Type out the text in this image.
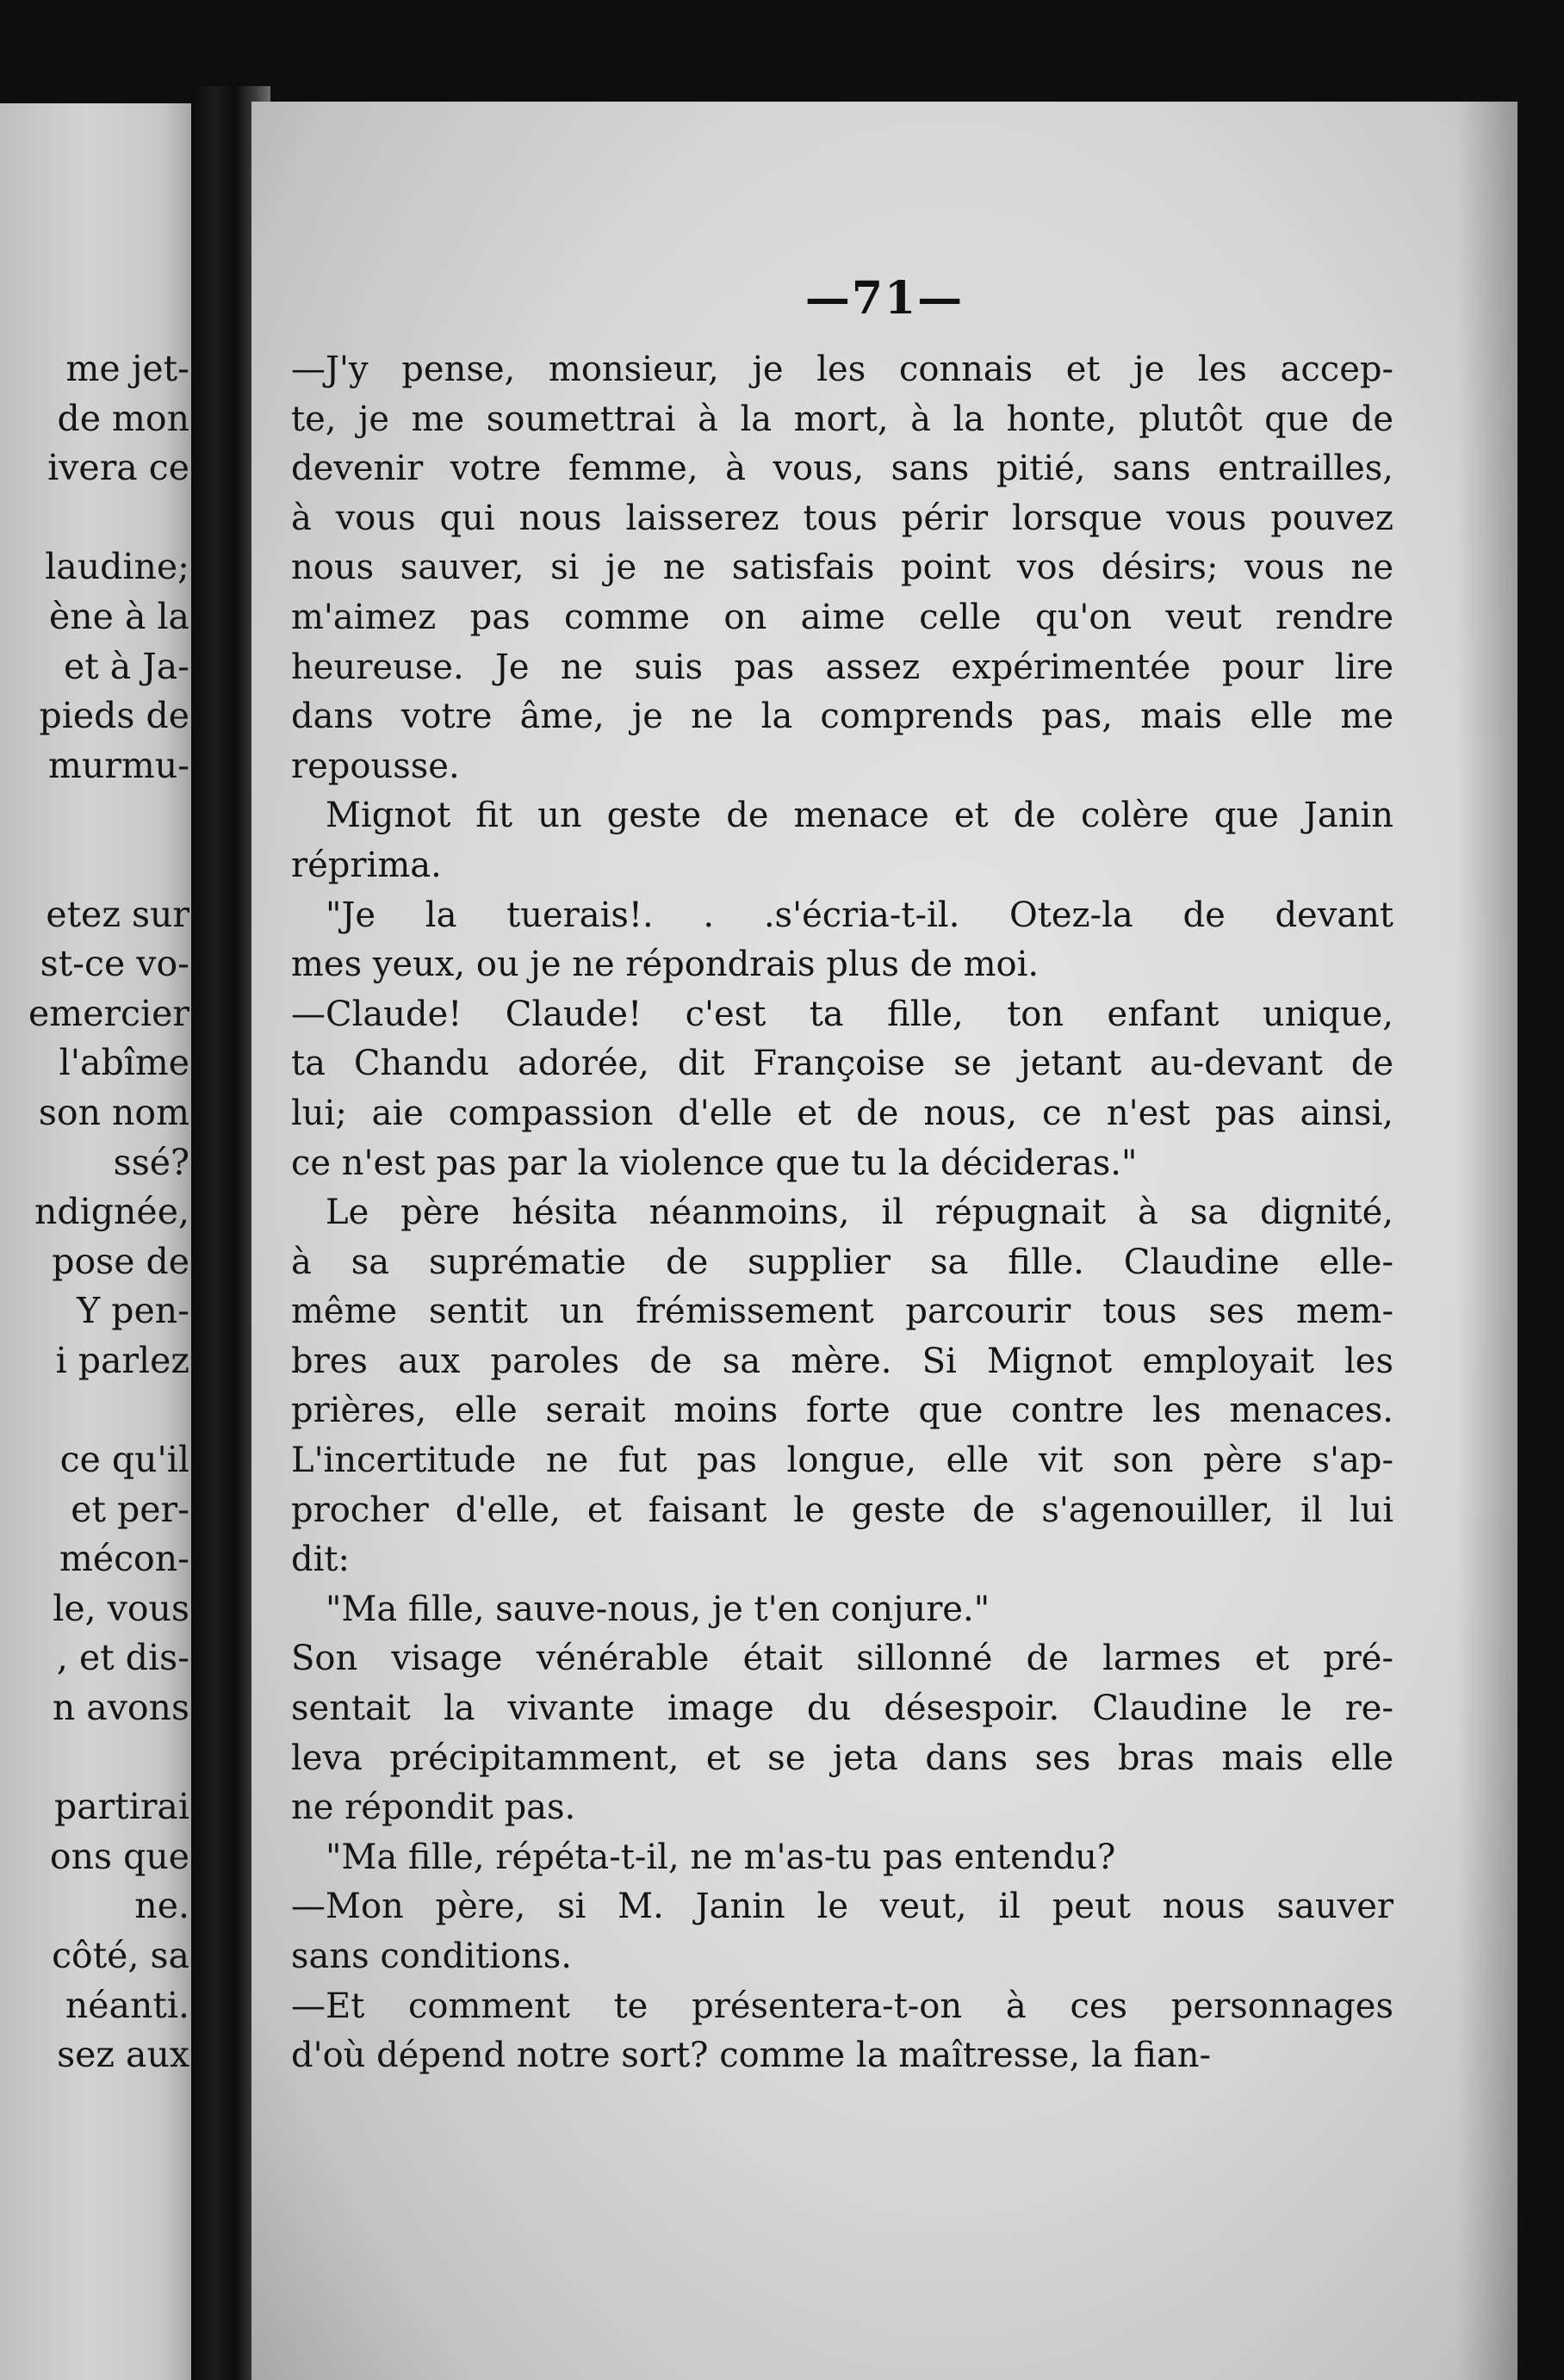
me jet-
de mon
ivera ce
laudine;
ène à la
et à Ja-
pieds de
murmu-
etez sur
st-ce vo-
emercier
l'abîme
son nom
ssé?
ndignée,
pose de
Y pen-
i parlez
ce qu'il
et per-
mécon-
le, vous
, et dis-
n avons
partirai
ons que
ne.
côté, sa
néanti.
sez aux
—71—
—J'y pense, monsieur, je les connais et je les accep-
te, je me soumettrai à la mort, à la honte, plutôt que de
devenir votre femme, à vous, sans pitié, sans entrailles,
à vous qui nous laisserez tous périr lorsque vous pouvez
nous sauver, si je ne satisfais point vos désirs; vous ne
m'aimez pas comme on aime celle qu'on veut rendre
heureuse. Je ne suis pas assez expérimentée pour lire
dans votre âme, je ne la comprends pas, mais elle me
repousse.
Mignot fit un geste de menace et de colère que Janin
réprima.
"Je la tuerais!. . .s'écria-t-il. Otez-la de devant
mes yeux, ou je ne répondrais plus de moi.
—Claude! Claude! c'est ta fille, ton enfant unique,
ta Chandu adorée, dit Françoise se jetant au-devant de
lui; aie compassion d'elle et de nous, ce n'est pas ainsi,
ce n'est pas par la violence que tu la décideras."
Le père hésita néanmoins, il répugnait à sa dignité,
à sa suprématie de supplier sa fille. Claudine elle-
même sentit un frémissement parcourir tous ses mem-
bres aux paroles de sa mère. Si Mignot employait les
prières, elle serait moins forte que contre les menaces.
L'incertitude ne fut pas longue, elle vit son père s'ap-
procher d'elle, et faisant le geste de s'agenouiller, il lui
dit:
"Ma fille, sauve-nous, je t'en conjure."
Son visage vénérable était sillonné de larmes et pré-
sentait la vivante image du désespoir. Claudine le re-
leva précipitamment, et se jeta dans ses bras mais elle
ne répondit pas.
"Ma fille, répéta-t-il, ne m'as-tu pas entendu?
—Mon père, si M. Janin le veut, il peut nous sauver
sans conditions.
—Et comment te présentera-t-on à ces personnages
d'où dépend notre sort? comme la maîtresse, la fian-
